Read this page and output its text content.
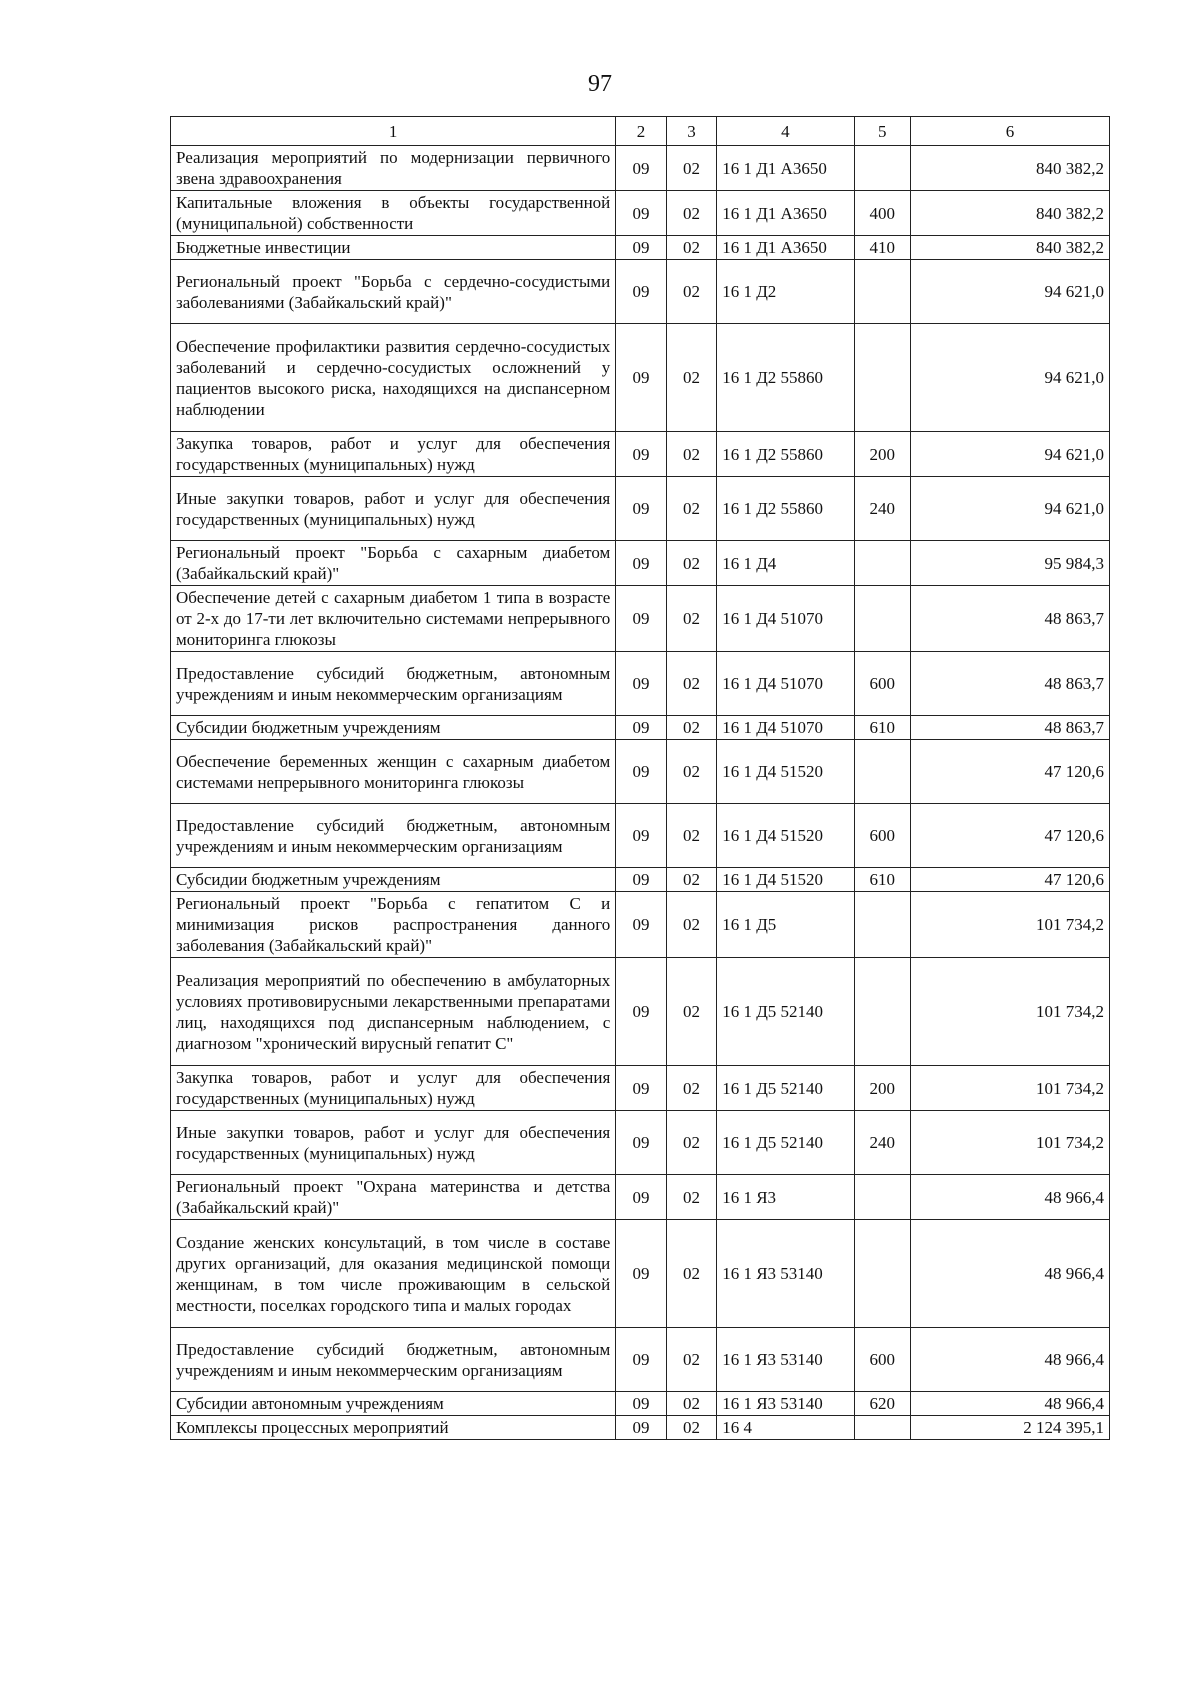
97
1	2	3	4	5	6
Реализация мероприятий по модернизации первичного звена здравоохранения	09	02	16 1 Д1 А3650		840 382,2
Капитальные вложения в объекты государственной (муниципальной) собственности	09	02	16 1 Д1 А3650	400	840 382,2
Бюджетные инвестиции	09	02	16 1 Д1 А3650	410	840 382,2
Региональный проект "Борьба с сердечно-сосудистыми заболеваниями (Забайкальский край)"	09	02	16 1 Д2		94 621,0
Обеспечение профилактики развития сердечно-сосудистых заболеваний и сердечно-сосудистых осложнений у пациентов высокого риска, находящихся на диспансерном наблюдении	09	02	16 1 Д2 55860		94 621,0
Закупка товаров, работ и услуг для обеспечения государственных (муниципальных) нужд	09	02	16 1 Д2 55860	200	94 621,0
Иные закупки товаров, работ и услуг для обеспечения государственных (муниципальных) нужд	09	02	16 1 Д2 55860	240	94 621,0
Региональный проект "Борьба с сахарным диабетом (Забайкальский край)"	09	02	16 1 Д4		95 984,3
Обеспечение детей с сахарным диабетом 1 типа в возрасте от 2-х до 17-ти лет включительно системами непрерывного мониторинга глюкозы	09	02	16 1 Д4 51070		48 863,7
Предоставление субсидий бюджетным, автономным учреждениям и иным некоммерческим организациям	09	02	16 1 Д4 51070	600	48 863,7
Субсидии бюджетным учреждениям	09	02	16 1 Д4 51070	610	48 863,7
Обеспечение беременных женщин с сахарным диабетом системами непрерывного мониторинга глюкозы	09	02	16 1 Д4 51520		47 120,6
Предоставление субсидий бюджетным, автономным учреждениям и иным некоммерческим организациям	09	02	16 1 Д4 51520	600	47 120,6
Субсидии бюджетным учреждениям	09	02	16 1 Д4 51520	610	47 120,6
Региональный проект "Борьба с гепатитом С и минимизация рисков распространения данного заболевания (Забайкальский край)"	09	02	16 1 Д5		101 734,2
Реализация мероприятий по обеспечению в амбулаторных условиях противовирусными лекарственными препаратами лиц, находящихся под диспансерным наблюдением, с диагнозом "хронический вирусный гепатит С"	09	02	16 1 Д5 52140		101 734,2
Закупка товаров, работ и услуг для обеспечения государственных (муниципальных) нужд	09	02	16 1 Д5 52140	200	101 734,2
Иные закупки товаров, работ и услуг для обеспечения государственных (муниципальных) нужд	09	02	16 1 Д5 52140	240	101 734,2
Региональный проект "Охрана материнства и детства (Забайкальский край)"	09	02	16 1 Я3		48 966,4
Создание женских консультаций, в том числе в составе других организаций, для оказания медицинской помощи женщинам, в том числе проживающим в сельской местности, поселках городского типа и малых городах	09	02	16 1 Я3 53140		48 966,4
Предоставление субсидий бюджетным, автономным учреждениям и иным некоммерческим организациям	09	02	16 1 Я3 53140	600	48 966,4
Субсидии автономным учреждениям	09	02	16 1 Я3 53140	620	48 966,4
Комплексы процессных мероприятий	09	02	16 4		2 124 395,1
